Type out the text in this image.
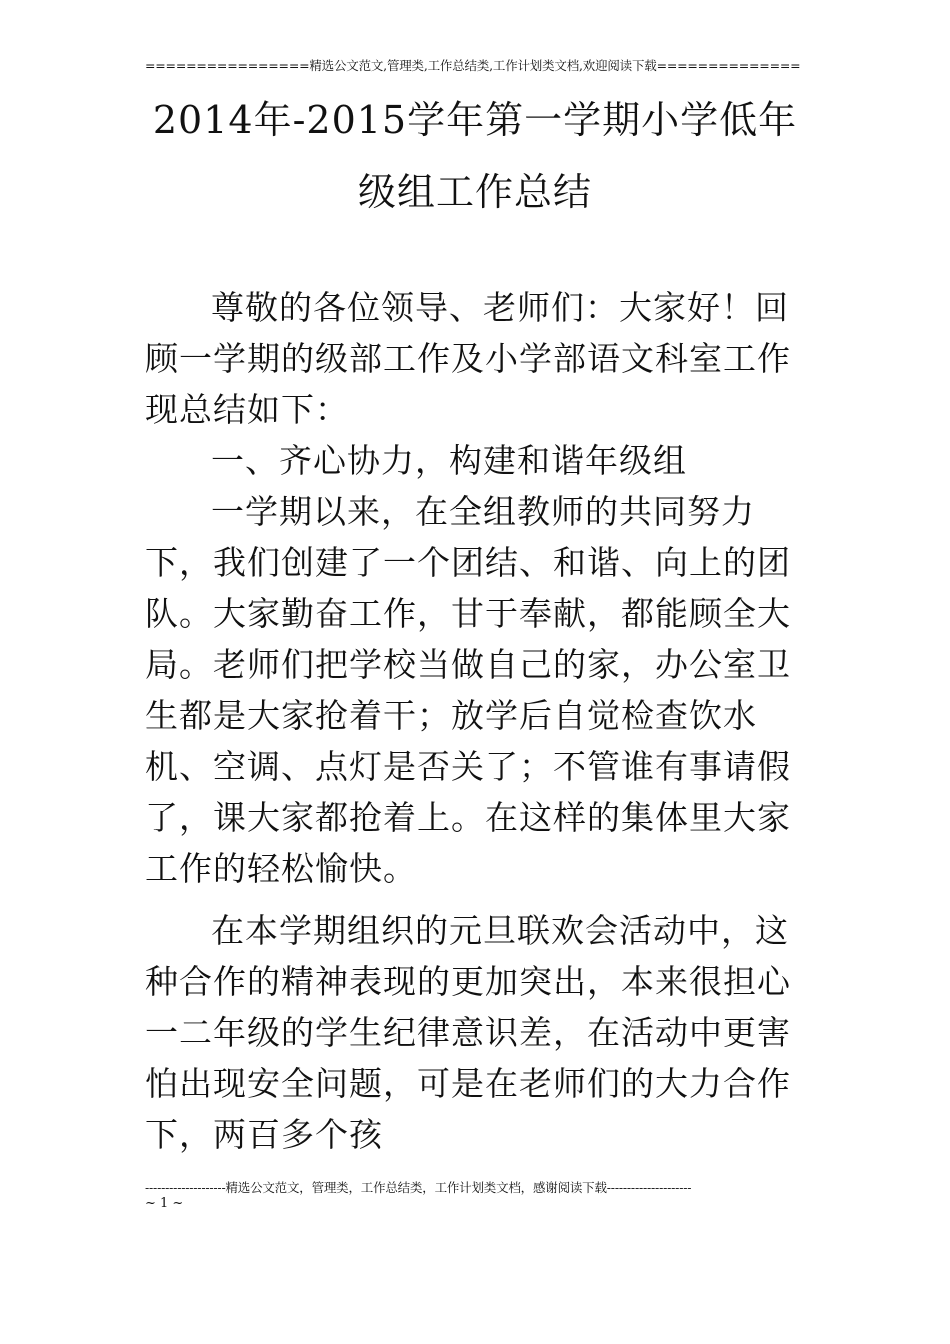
================精选公文范文,管理类,工作总结类,工作计划类文档,欢迎阅读下载==============
2014年-2015学年第一学期小学低年
级组工作总结

尊敬的各位领导、老师们：大家好！回顾一学期的级部工作及小学部语文科室工作现总结如下：

一、齐心协力，构建和谐年级组

一学期以来，在全组教师的共同努力下，我们创建了一个团结、和谐、向上的团队。大家勤奋工作，甘于奉献，都能顾全大局。老师们把学校当做自己的家，办公室卫生都是大家抢着干；放学后自觉检查饮水机、空调、点灯是否关了；不管谁有事请假了，课大家都抢着上。在这样的集体里大家工作的轻松愉快。

在本学期组织的元旦联欢会活动中，这种合作的精神表现的更加突出，本来很担心一二年级的学生纪律意识差，在活动中更害怕出现安全问题，可是在老师们的大力合作下，两百多个孩

--------------------精选公文范文，管理类，工作总结类，工作计划类文档，感谢阅读下载---------------------
~ 1 ~
